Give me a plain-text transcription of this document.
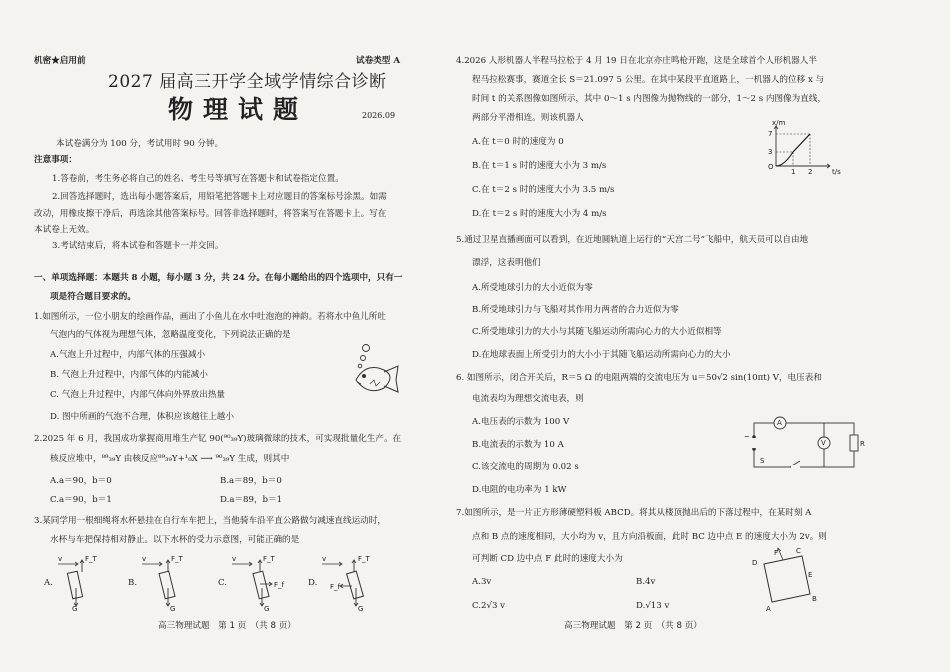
机密★启用前	试卷类型 A
2027 届高三开学全域学情综合诊断
物理试题	2026.09
本试卷满分为 100 分，考试用时 90 分钟。
注意事项：
1.答卷前，考生务必将自己的姓名、考生号等填写在答题卡和试卷指定位置。
2.回答选择题时，选出每小题答案后，用铅笔把答题卡上对应题目的答案标号涂黑。如需
改动，用橡皮擦干净后，再选涂其他答案标号。回答非选择题时，将答案写在答题卡上。写在
本试卷上无效。
3.考试结束后，将本试卷和答题卡一并交回。
一、单项选择题：本题共 8 小题，每小题 3 分，共 24 分。在每小题给出的四个选项中，只有一
项是符合题目要求的。
1.如图所示，一位小朋友的绘画作品，画出了小鱼儿在水中吐泡泡的神韵。若将水中鱼儿所吐
气泡内的气体视为理想气体，忽略温度变化，下列说法正确的是
A.气泡上升过程中，内部气体的压强减小
B. 气泡上升过程中，内部气体的内能减小
C. 气泡上升过程中，内部气体向外界放出热量
D. 图中所画的气泡不合理，体积应该越往上越小
2.2025 年 6 月，我国成功掌握商用堆生产钇 90(⁹⁰₃₉Y)玻璃微球的技术，可实现批量化生产。在
核反应堆中，⁸⁹₃₉Y 由核反应⁸⁹₃₉Y+¹₀X ⟶ ⁹⁰₃₉Y 生成，则其中
A.a＝90，b＝0	B.a＝89，b＝0
C.a＝90，b＝1	D.a＝89，b＝1
3.某同学用一根细绳将水杯悬挂在自行车车把上，当他骑车沿平直公路做匀减速直线运动时，
水杯与车把保持相对静止。以下水杯的受力示意图，可能正确的是
A.	B.	C.	D.
v	F_T
G
v	F_T
G
v	F_T
F_f
G
v	F_T
F_f
G
高三物理试题　第 1 页　（共 8 页）
4.2026 人形机器人半程马拉松于 4 月 19 日在北京亦庄鸣枪开跑，这是全球首个人形机器人半
程马拉松赛事，赛道全长 S＝21.097 5 公里。在其中某段平直道路上，一机器人的位移 x 与
时间 t 的关系图像如图所示，其中 0～1 s 内图像为抛物线的一部分，1～2 s 内图像为直线，
两部分平滑相连。则该机器人
A.在 t＝0 时的速度为 0
B.在 t＝1 s 时的速度大小为 3 m/s
C.在 t＝2 s 时的速度大小为 3.5 m/s
D.在 t＝2 s 时的速度大小为 4 m/s
x/m
7
3
O
1 2	t/s
5.通过卫星直播画面可以看到，在近地圆轨道上运行的“天宫二号”飞船中，航天员可以自由地
漂浮，这表明他们
A.所受地球引力的大小近似为零
B.所受地球引力与飞船对其作用力两者的合力近似为零
C.所受地球引力的大小与其随飞船运动所需向心力的大小近似相等
D.在地球表面上所受引力的大小小于其随飞船运动所需向心力的大小
6. 如图所示，闭合开关后，R＝5 Ω 的电阻两端的交流电压为 u＝50√2 sin(10πt) V，电压表和
电流表均为理想交流电表，则
A.电压表的示数为 100 V
B.电流表的示数为 10 A
C.该交流电的周期为 0.02 s
D.电阻的电功率为 1 kW
A
V	R
~
S
7.如图所示，是一片正方形薄硬塑料板 ABCD。将其从楼顶抛出后的下落过程中，在某时刻 A
点和 B 点的速度相同，大小均为 v，且方向沿板面，此时 BC 边中点 E 的速度大小为 2v。则
可判断 CD 边中点 F 此时的速度大小为
A.3v	B.4v
C.2√3 v	D.√13 v
D
F	C
E
B
A
高三物理试题　第 2 页　（共 8 页）
